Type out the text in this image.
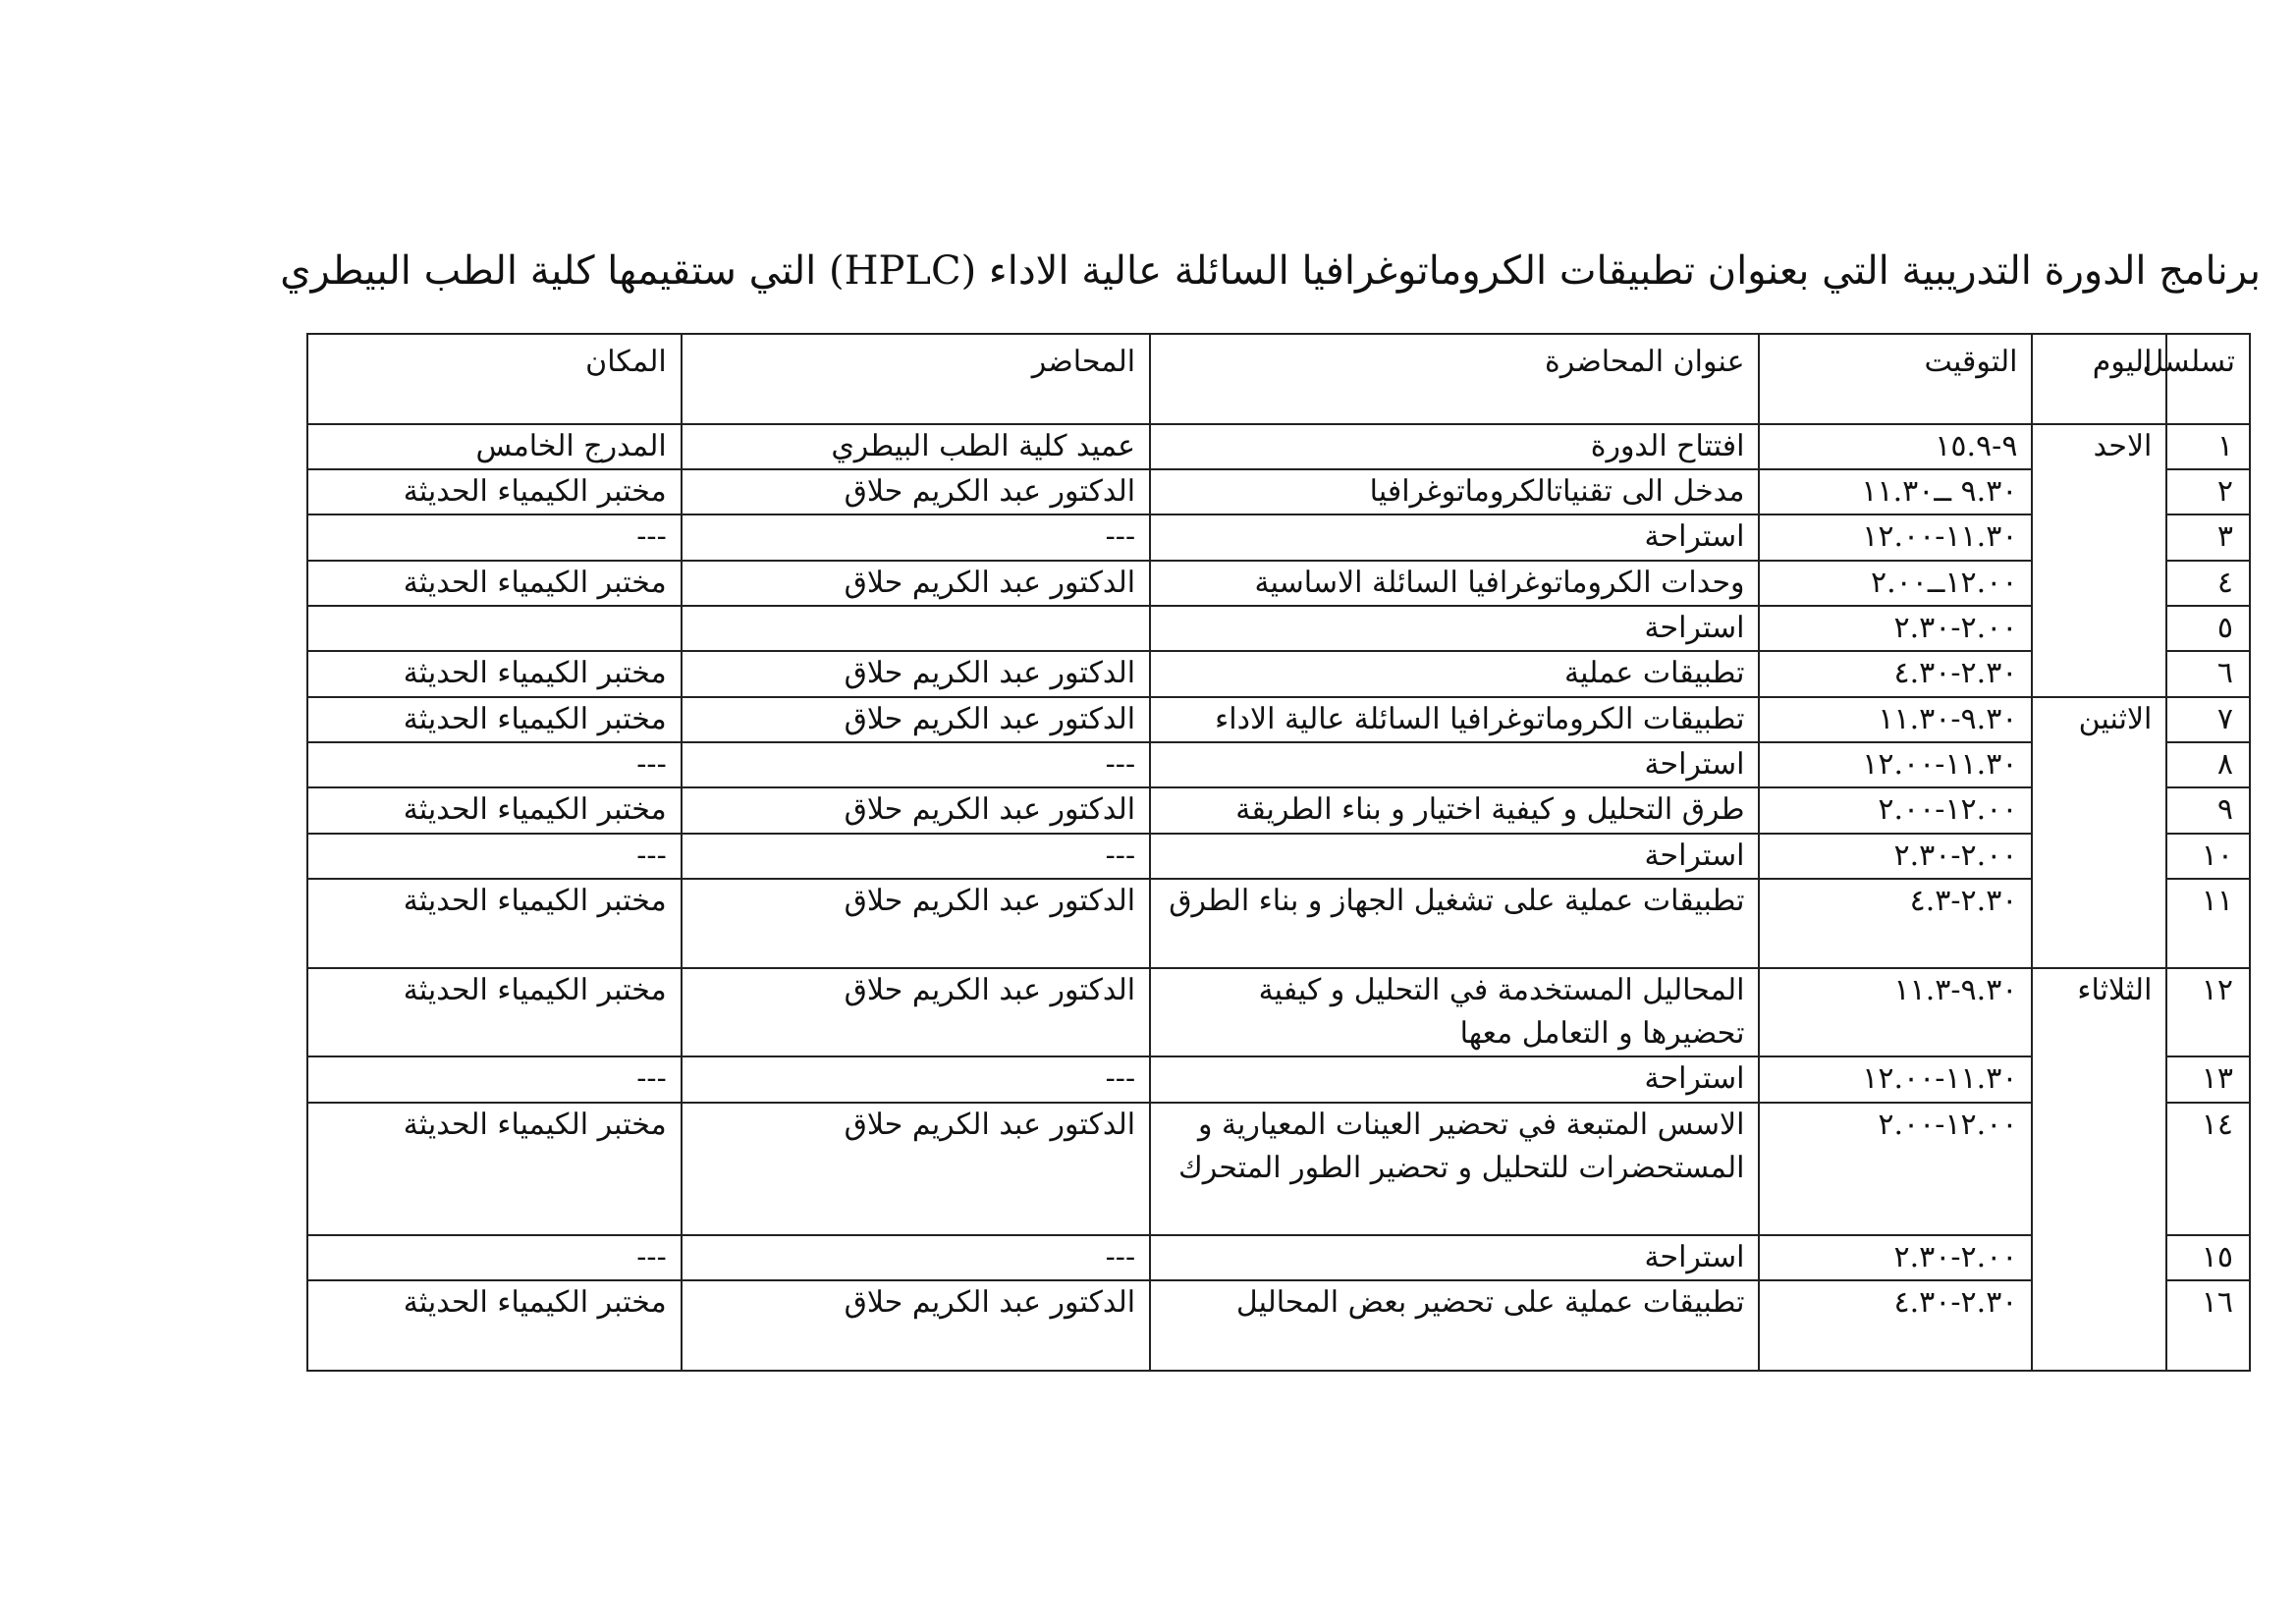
برنامج الدورة التدريبية التي بعنوان تطبيقات الكروماتوغرافيا السائلة عالية الاداء (HPLC) التي ستقيمها كلية الطب البيطري
تسلسل	اليوم	التوقيت	عنوان المحاضرة	المحاضر	المكان
١	الاحد	٩-١٥.٩	افتتاح الدورة	عميد كلية الطب البيطري	المدرج الخامس
٢		٩.٣٠ ــ١١.٣٠	مدخل الى تقنياتالكروماتوغرافيا	الدكتور عبد الكريم حلاق	مختبر الكيمياء الحديثة
٣		١١.٣٠-١٢.٠٠	استراحة	---	---
٤		١٢.٠٠ــ٢.٠٠	وحدات الكروماتوغرافيا السائلة الاساسية	الدكتور عبد الكريم حلاق	مختبر الكيمياء الحديثة
٥		٢.٠٠-٢.٣٠	استراحة		
٦		٢.٣٠-٤.٣٠	تطبيقات عملية	الدكتور عبد الكريم حلاق	مختبر الكيمياء الحديثة
٧	الاثنين	٩.٣٠-١١.٣٠	تطبيقات الكروماتوغرافيا السائلة عالية الاداء	الدكتور عبد الكريم حلاق	مختبر الكيمياء الحديثة
٨		١١.٣٠-١٢.٠٠	استراحة	---	---
٩		١٢.٠٠-٢.٠٠	طرق التحليل و كيفية اختيار و بناء الطريقة	الدكتور عبد الكريم حلاق	مختبر الكيمياء الحديثة
١٠		٢.٠٠-٢.٣٠	استراحة	---	---
١١		٢.٣٠-٤.٣	تطبيقات عملية على تشغيل الجهاز و بناء الطرق	الدكتور عبد الكريم حلاق	مختبر الكيمياء الحديثة
١٢	الثلاثاء	٩.٣٠-١١.٣	المحاليل المستخدمة في التحليل و كيفية تحضيرها و التعامل معها	الدكتور عبد الكريم حلاق	مختبر الكيمياء الحديثة
١٣		١١.٣٠-١٢.٠٠	استراحة	---	---
١٤		١٢.٠٠-٢.٠٠	الاسس المتبعة في تحضير العينات المعيارية و المستحضرات للتحليل و تحضير الطور المتحرك	الدكتور عبد الكريم حلاق	مختبر الكيمياء الحديثة
١٥		٢.٠٠-٢.٣٠	استراحة	---	---
١٦		٢.٣٠-٤.٣٠	تطبيقات عملية على تحضير بعض المحاليل	الدكتور عبد الكريم حلاق	مختبر الكيمياء الحديثة
